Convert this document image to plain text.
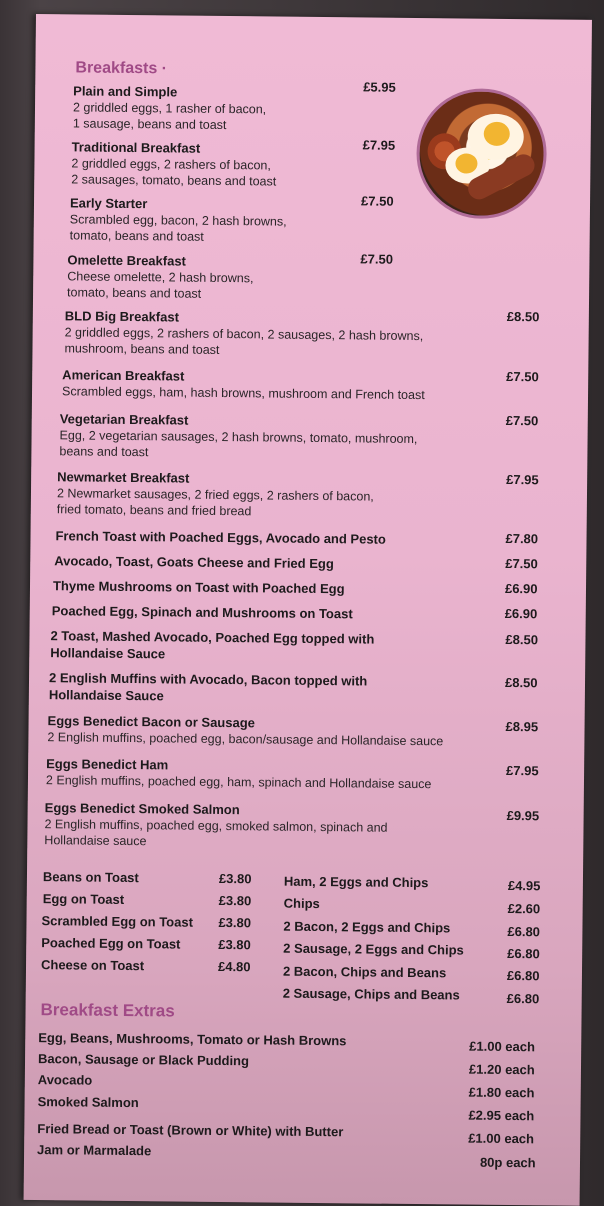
Breakfasts ·
Plain and Simple
2 griddled eggs, 1 rasher of bacon,
1 sausage, beans and toast
£5.95
Traditional Breakfast
2 griddled eggs, 2 rashers of bacon,
2 sausages, tomato, beans and toast
£7.95
Early Starter
Scrambled egg, bacon, 2 hash browns,
tomato, beans and toast
£7.50
Omelette Breakfast
Cheese omelette, 2 hash browns,
tomato, beans and toast
£7.50
BLD Big Breakfast
2 griddled eggs, 2 rashers of bacon, 2 sausages, 2 hash browns,
mushroom, beans and toast
£8.50
American Breakfast
Scrambled eggs, ham, hash browns, mushroom and French toast
£7.50
Vegetarian Breakfast
Egg, 2 vegetarian sausages, 2 hash browns, tomato, mushroom,
beans and toast
£7.50
Newmarket Breakfast
2 Newmarket sausages, 2 fried eggs, 2 rashers of bacon,
fried tomato, beans and fried bread
£7.95
French Toast with Poached Eggs, Avocado and Pesto	£7.80
Avocado, Toast, Goats Cheese and Fried Egg	£7.50
Thyme Mushrooms on Toast with Poached Egg	£6.90
Poached Egg, Spinach and Mushrooms on Toast	£6.90
2 Toast, Mashed Avocado, Poached Egg topped with
Hollandaise Sauce
£8.50
2 English Muffins with Avocado, Bacon topped with
Hollandaise Sauce
£8.50
Eggs Benedict Bacon or Sausage
2 English muffins, poached egg, bacon/sausage and Hollandaise sauce
£8.95
Eggs Benedict Ham
2 English muffins, poached egg, ham, spinach and Hollandaise sauce
£7.95
Eggs Benedict Smoked Salmon
2 English muffins, poached egg, smoked salmon, spinach and
Hollandaise sauce
£9.95
Beans on Toast	£3.80
Egg on Toast	£3.80
Scrambled Egg on Toast £3.80
Poached Egg on Toast	£3.80
Cheese on Toast	£4.80
Ham, 2 Eggs and Chips	£4.95
Chips	£2.60
2 Bacon, 2 Eggs and Chips	£6.80
2 Sausage, 2 Eggs and Chips	£6.80
2 Bacon, Chips and Beans	£6.80
2 Sausage, Chips and Beans	£6.80
Breakfast Extras
Egg, Beans, Mushrooms, Tomato or Hash Browns	£1.00 each
Bacon, Sausage or Black Pudding
£1.20 each
Avocado
£1.80 each
Smoked Salmon
£2.95 each
Fried Bread or Toast (Brown or White) with Butter	£1.00 each
Jam or Marmalade
80p each
